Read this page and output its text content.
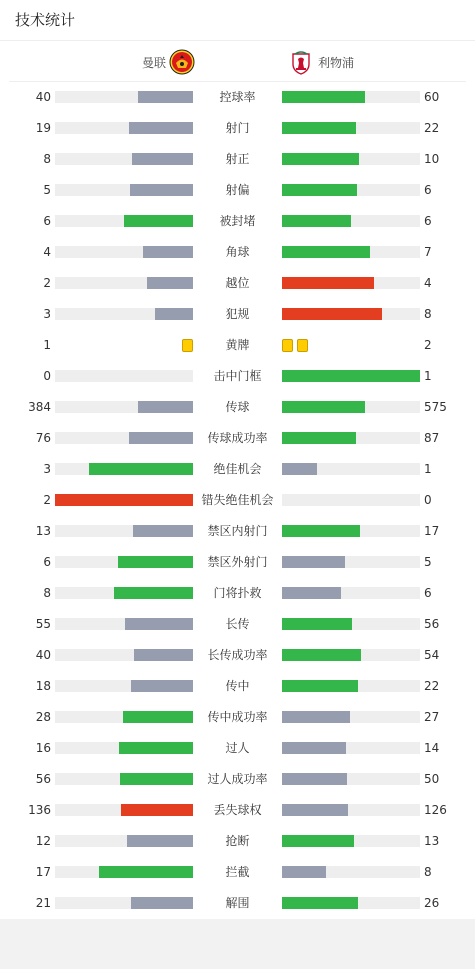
技术统计
曼联	利物浦
40	控球率	60
19	射门	22
8	射正	10
5	射偏	6
6	被封堵	6
4	角球	7
2	越位	4
3	犯规	8
1	黄牌	2
0	击中门框	1
384	传球	575
76	传球成功率	87
3	绝佳机会	1
2	错失绝佳机会	0
13	禁区内射门	17
6	禁区外射门	5
8	门将扑救	6
55	长传	56
40	长传成功率	54
18	传中	22
28	传中成功率	27
16	过人	14
56	过人成功率	50
136	丢失球权	126
12	抢断	13
17	拦截	8
21	解围	26
